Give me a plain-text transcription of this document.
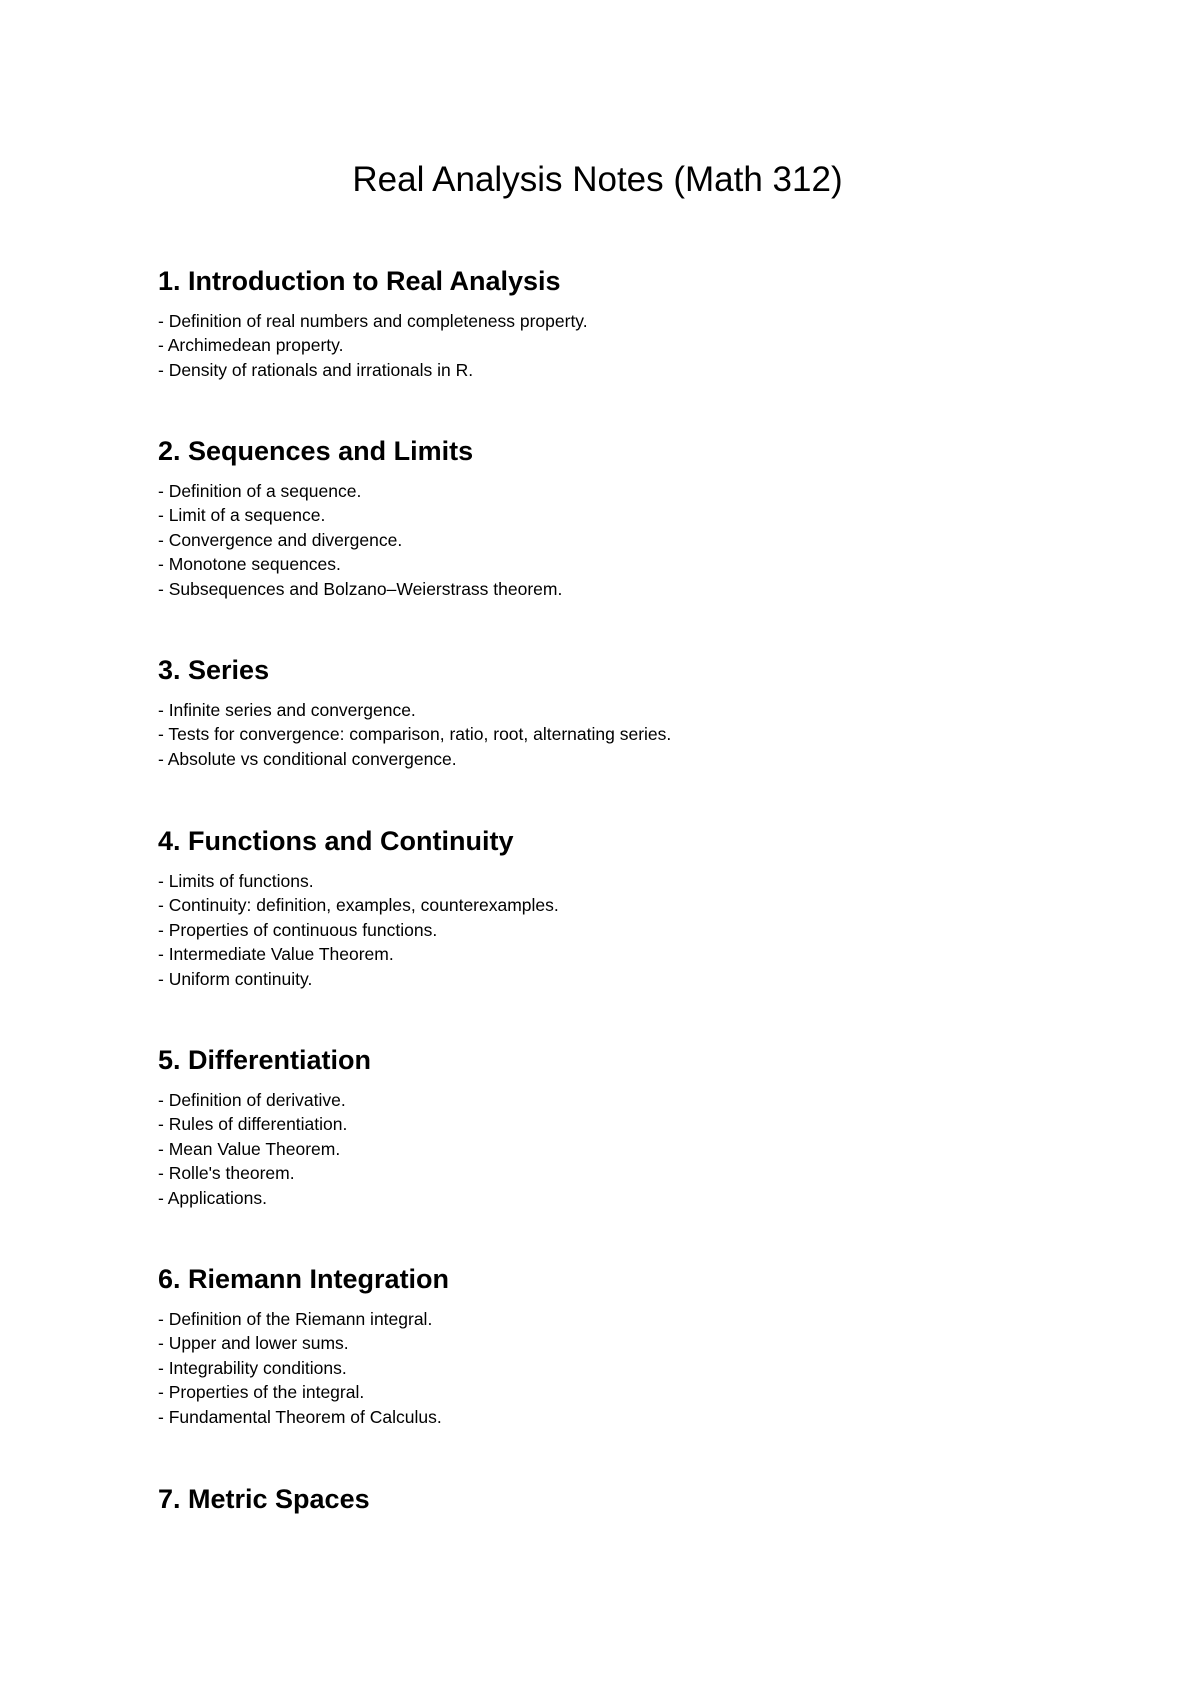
Real Analysis Notes (Math 312)
1. Introduction to Real Analysis
- Definition of real numbers and completeness property.
- Archimedean property.
- Density of rationals and irrationals in R.
2. Sequences and Limits
- Definition of a sequence.
- Limit of a sequence.
- Convergence and divergence.
- Monotone sequences.
- Subsequences and Bolzano–Weierstrass theorem.
3. Series
- Infinite series and convergence.
- Tests for convergence: comparison, ratio, root, alternating series.
- Absolute vs conditional convergence.
4. Functions and Continuity
- Limits of functions.
- Continuity: definition, examples, counterexamples.
- Properties of continuous functions.
- Intermediate Value Theorem.
- Uniform continuity.
5. Differentiation
- Definition of derivative.
- Rules of differentiation.
- Mean Value Theorem.
- Rolle's theorem.
- Applications.
6. Riemann Integration
- Definition of the Riemann integral.
- Upper and lower sums.
- Integrability conditions.
- Properties of the integral.
- Fundamental Theorem of Calculus.
7. Metric Spaces
